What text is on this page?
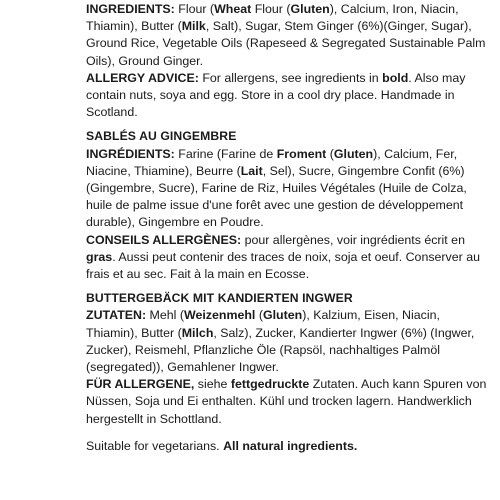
INGREDIENTS: Flour (Wheat Flour (Gluten), Calcium, Iron, Niacin, Thiamin), Butter (Milk, Salt), Sugar, Stem Ginger (6%)(Ginger, Sugar), Ground Rice, Vegetable Oils (Rapeseed & Segregated Sustainable Palm Oils), Ground Ginger.

ALLERGY ADVICE: For allergens, see ingredients in bold. Also may contain nuts, soya and egg. Store in a cool dry place. Handmade in Scotland.

SABLÉS AU GINGEMBRE

INGRÉDIENTS: Farine (Farine de Froment (Gluten), Calcium, Fer, Niacine, Thiamine), Beurre (Lait, Sel), Sucre, Gingembre Confit (6%)(Gingembre, Sucre), Farine de Riz, Huiles Végétales (Huile de Colza, huile de palme issue d'une forêt avec une gestion de développement durable), Gingembre en Poudre.

CONSEILS ALLERGÈNES: pour allergènes, voir ingrédients écrit en gras. Aussi peut contenir des traces de noix, soja et oeuf. Conserver au frais et au sec. Fait à la main en Ecosse.

BUTTERGEBÄCK MIT KANDIERTEN INGWER

ZUTATEN: Mehl (Weizenmehl (Gluten), Kalzium, Eisen, Niacin, Thiamin), Butter (Milch, Salz), Zucker, Kandierter Ingwer (6%) (Ingwer, Zucker), Reismehl, Pflanzliche Öle (Rapsöl, nachhaltiges Palmöl (segregated)), Gemahlener Ingwer.

FÜR ALLERGENE, siehe fettgedruckte Zutaten. Auch kann Spuren von Nüssen, Soja und Ei enthalten. Kühl und trocken lagern. Handwerklich hergestellt in Schottland.

Suitable for vegetarians. All natural ingredients.
